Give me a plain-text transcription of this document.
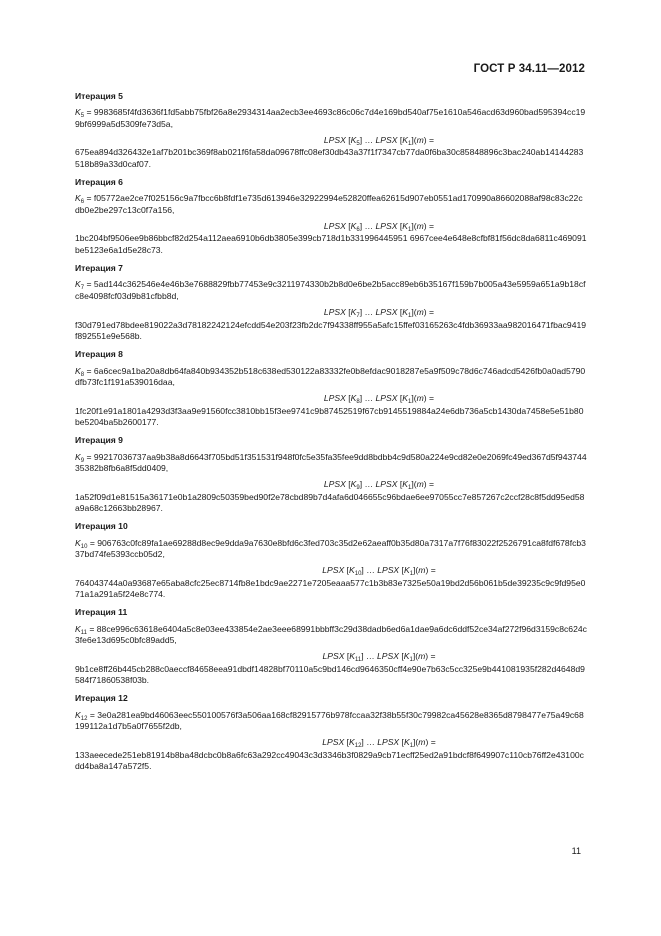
ГОСТ Р 34.11—2012

Итерация 5

$K_5 = 9983685f4fd3636f1fd5abb75fbf26a8e2934314aa2ecb3ee4693c86c06c7d4e169bd540af75e1610a546acd63d960bad595394cc199bf6999a5d530$9fe73d5a,

LPSX $[K_5]$ … LPSX $[K_1](m)$ =

675ea894d326432e1af7b201bc369f8ab021f6fa58da09678ffc08ef30db43a37f1f7347cb77da0f6ba30c85848896c3bac240ab14144283518b89a33d0caf07.

Итерация 6

$K_6$ = f05772ae2ce7f025156c9a7fbcc6b8fdf1e735d613946e32922994e52820ffea62615d907eb0551ad170990a86602088af98c83c22cdb0e2be297c13c0f7a156,

LPSX $[K_6]$ … LPSX $[K_1](m)$ =

1bc204bf9506ee9b86bbcf82d254a112aea6910b6db3805e399cb718d1b331996445951 6967cee4e648e8cfbf81f56dc8da6811c469091be5123e6a1d5e28c73.

Итерация 7

$K_7 = 5ad144c362546e4e46b3e7688829fbb77453e9c3211974330b2b8d0e6be2b5acc89eb6b35167f159b7b005a43e5959a651a9b18cfc8e4098fcf03d9b$81cfbb8d,

LPSX $[K_7]$ … LPSX $[K_1](m)$ =

f30d791ed78bdee819022a3d78182242124efcdd54e203f23fb2dc7f94338ff955a5afc15ffef03165263c4fdb36933aa982016471fbac9419f892551e9e568b.

Итерация 8

$K_8$ = 6a6cec9a1ba20a8db64fa840b934352b518c638ed530122a83332fe0b8efdac9018287e5a9f509c78d6c746adcd5426fb0a0ad5790dfb73fc1f191a539016daa,

LPSX $[K_8]$ … LPSX $[K_1](m)$ =

1fc20f1e91a1801a4293d3f3aa9e91560fcc3810bb15f3ee9741c9b87452519f67cb9145519884a24e6db736a5cb1430da7458e5e51b80be5204ba5b2600177.

Итерация 9

$K_9$ = 99217036737aa9b38a8d6643f705bd51f351531f948f0fc5e35fa35fee9dd8bdbb4c9d580a224e9cd82e0e2069fc49ed367d5f94374435382b8fb6a8f5dd0409,

LPSX $[K_9]$ … LPSX $[K_1](m)$ =

1a52f09d1e81515a36171e0b1a2809c50359bed90f2e78cbd89b7d4afa6d046655c96bdae6ee97055cc7e857267c2ccf28c8f5dd95ed58a9a68c12663bb28967.

Итерация 10

$K_{10}$ = 906763c0fc89fa1ae69288d8ec9e9dda9a7630e8bfd6c3fed703c35d2e62aeaff0b35d80a7317a7f76f83022f2526791ca8fdf678fcb337bd74fe5393ccb05d2,

LPSX $[K_{10}]$ … LPSX $[K_1](m)$ =

764043744a0a93687e65aba8cfc25ec8714fb8e1bdc9ae2271e7205eaaa577c1b3b83e7325e50a19bd2d56b061b5de39235c9c9fd95e071a1a291a5f24e8c774.

Итерация 11

$K_{11}$ = 88ce996c63618e6404a5c8e03ee433854e2ae3eee68991bbbff3c29d38dadb6ed6a1dae9a6dc6ddf52ce34af272f96d3159c8c624c3fe6e13d695c0bfc89add5,

LPSX $[K_{11}]$ … LPSX $[K_1](m)$ =

9b1ce8ff26b445cb288c0aeccf84658eea91dbdf14828bf70110a5c9bd146cd9646350cff4e90e7b63c5cc325e9b441081935f282d4648d9584f71860538f03b.

Итерация 12

$K_{12}$ = 3e0a281ea9bd46063eec550100576f3a506aa168cf82915776b978fccaa32f38b55f30c79982ca45628e8365d8798477e75a49c68199112a1d7b5a0f7655f2db,

LPSX $[K_{12}]$ … LPSX $[K_1](m)$ =

133aeecede251eb81914b8ba48dcbc0b8a6fc63a292cc49043c3d3346b3f0829a9cb71ecff25ed2a91bdcf8f649907c110cb76ff2e43100cdd4ba8a147a572f5.

11
